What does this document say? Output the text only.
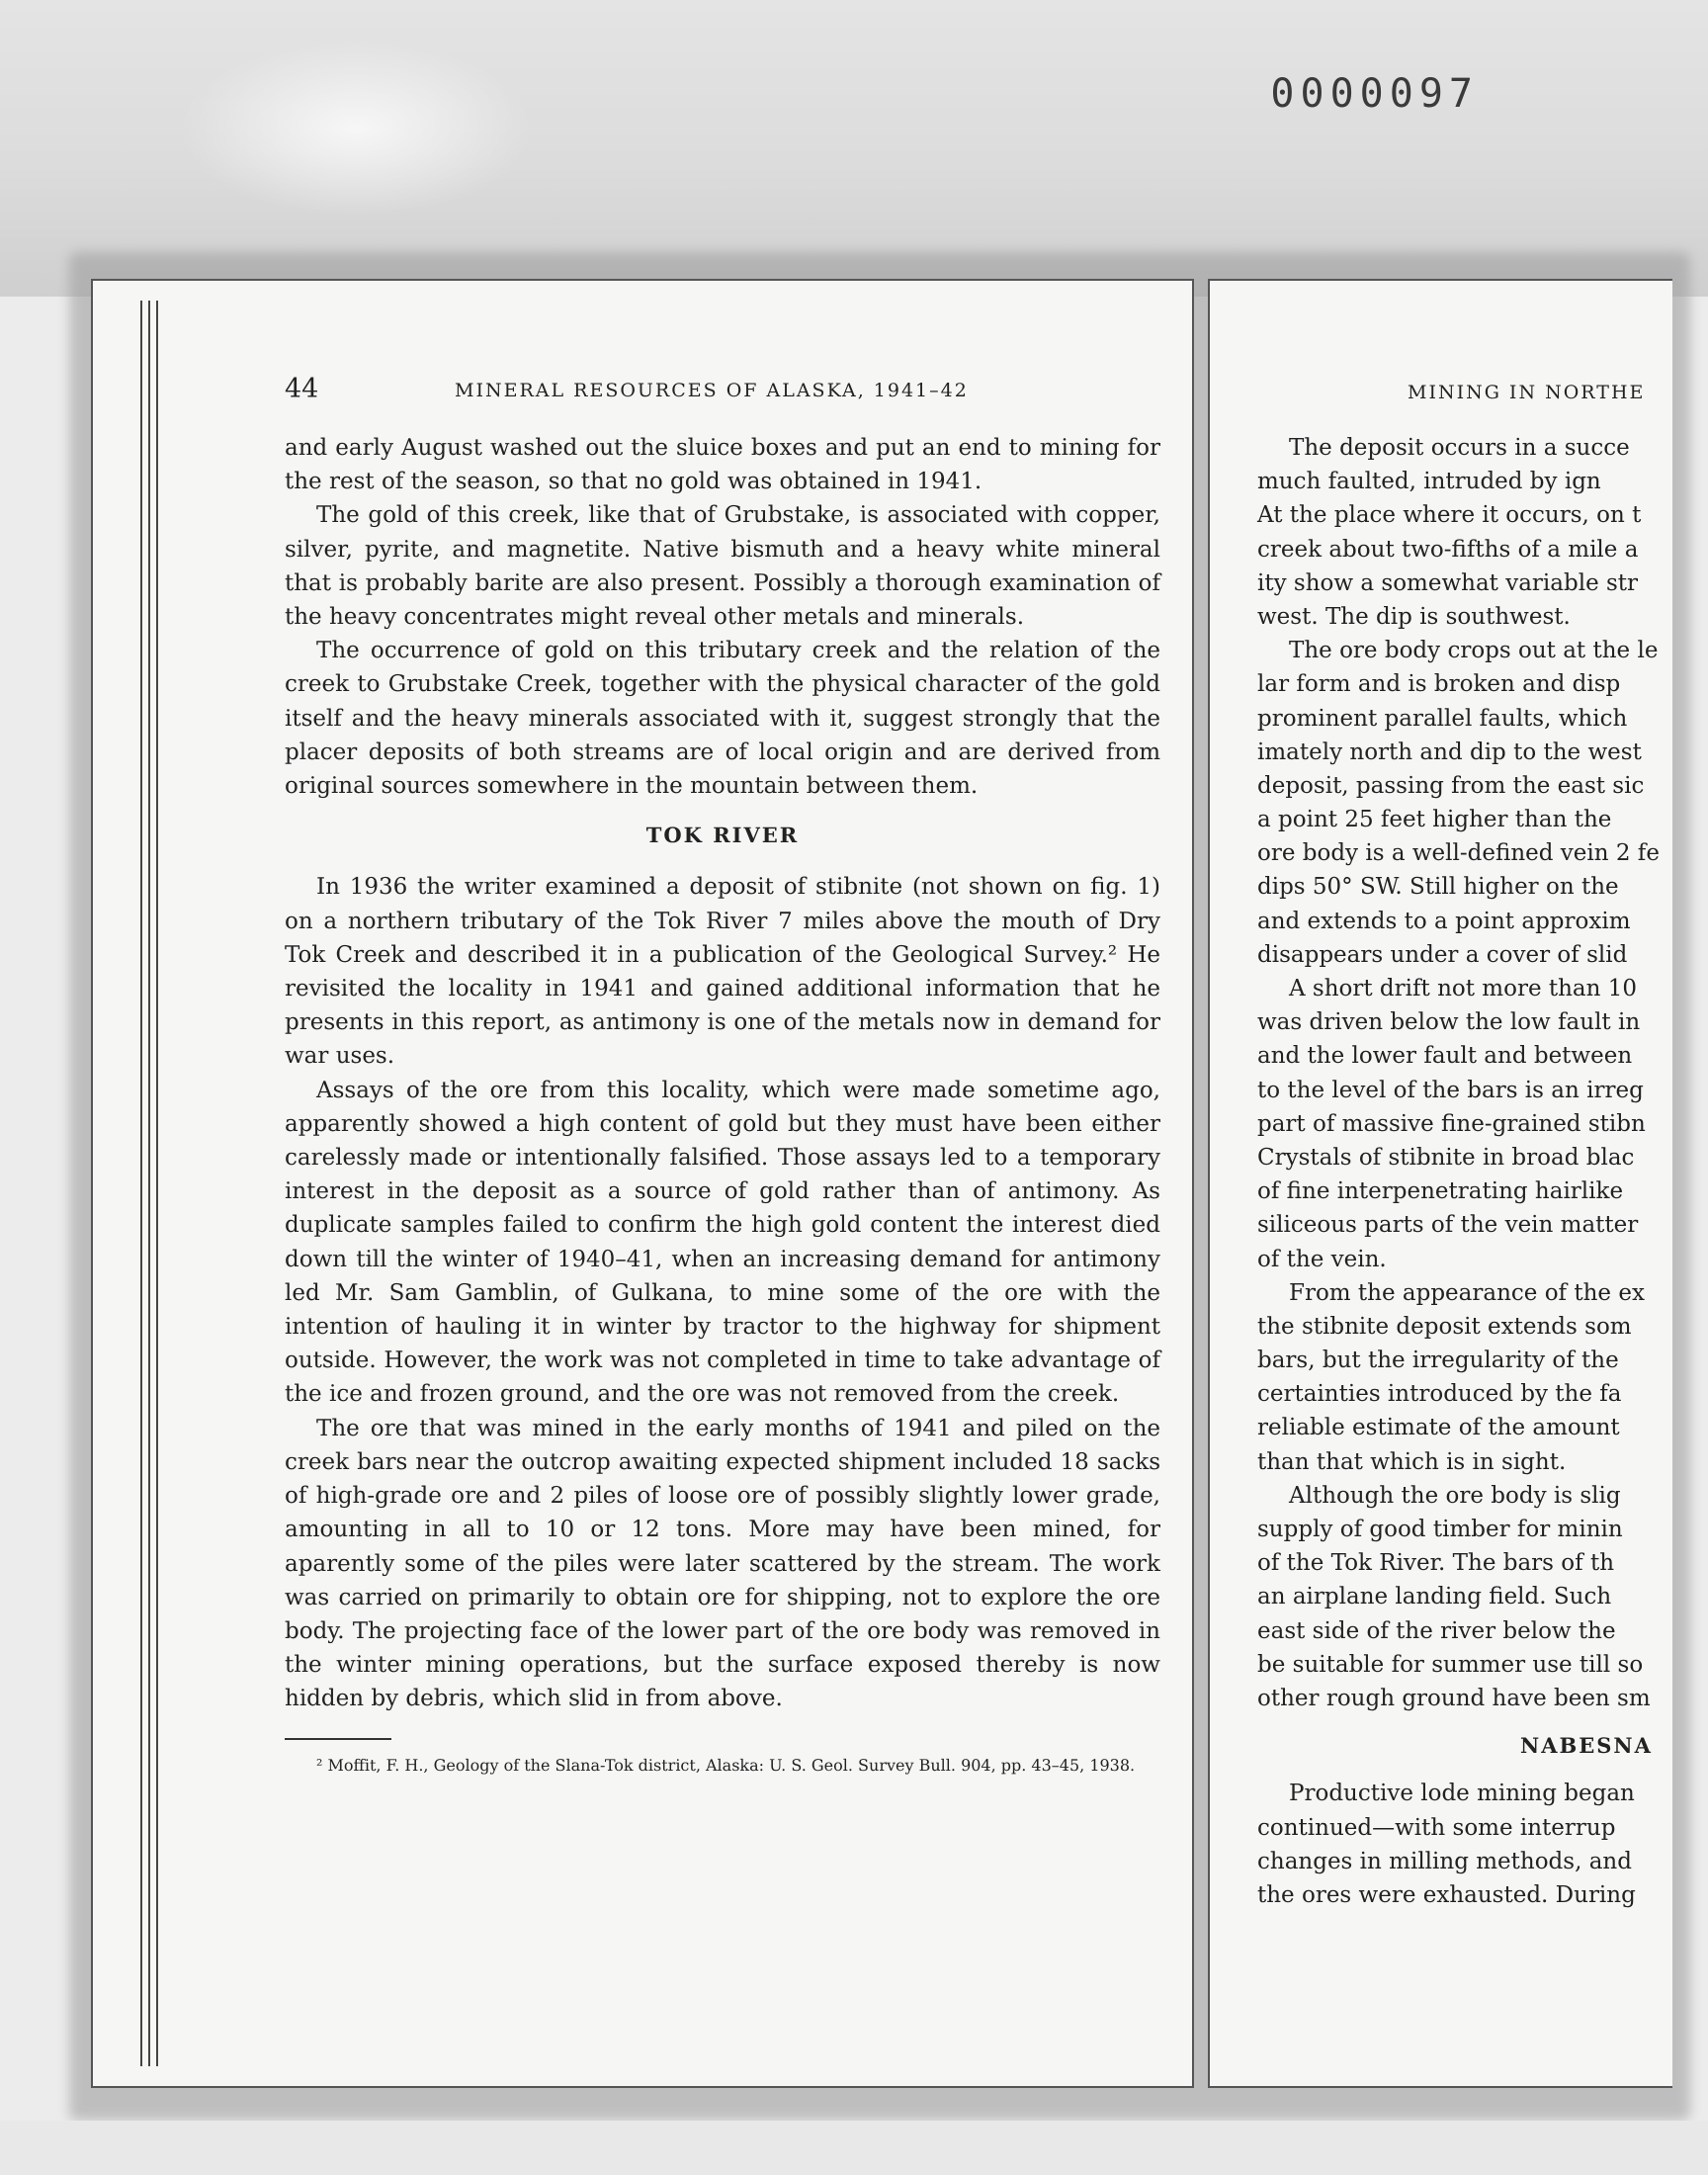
0000097
44	MINERAL RESOURCES OF ALASKA, 1941–42

and early August washed out the sluice boxes and put an end to mining for the rest of the season, so that no gold was obtained in 1941.

The gold of this creek, like that of Grubstake, is associated with copper, silver, pyrite, and magnetite. Native bismuth and a heavy white mineral that is probably barite are also present. Possibly a thorough examination of the heavy concentrates might reveal other metals and minerals.

The occurrence of gold on this tributary creek and the relation of the creek to Grubstake Creek, together with the physical character of the gold itself and the heavy minerals associated with it, suggest strongly that the placer deposits of both streams are of local origin and are derived from original sources somewhere in the mountain between them.

TOK RIVER

In 1936 the writer examined a deposit of stibnite (not shown on fig. 1) on a northern tributary of the Tok River 7 miles above the mouth of Dry Tok Creek and described it in a publication of the Geological Survey.² He revisited the locality in 1941 and gained additional information that he presents in this report, as antimony is one of the metals now in demand for war uses.

Assays of the ore from this locality, which were made sometime ago, apparently showed a high content of gold but they must have been either carelessly made or intentionally falsified. Those assays led to a temporary interest in the deposit as a source of gold rather than of antimony. As duplicate samples failed to confirm the high gold content the interest died down till the winter of 1940–41, when an increasing demand for antimony led Mr. Sam Gamblin, of Gulkana, to mine some of the ore with the intention of hauling it in winter by tractor to the highway for shipment outside. However, the work was not completed in time to take advantage of the ice and frozen ground, and the ore was not removed from the creek.

The ore that was mined in the early months of 1941 and piled on the creek bars near the outcrop awaiting expected shipment included 18 sacks of high-grade ore and 2 piles of loose ore of possibly slightly lower grade, amounting in all to 10 or 12 tons. More may have been mined, for aparently some of the piles were later scattered by the stream. The work was carried on primarily to obtain ore for shipping, not to explore the ore body. The projecting face of the lower part of the ore body was removed in the winter mining operations, but the surface exposed thereby is now hidden by debris, which slid in from above.

² Moffit, F. H., Geology of the Slana-Tok district, Alaska: U. S. Geol. Survey Bull. 904, pp. 43–45, 1938.
MINING IN NORTHE
The deposit occurs in a succe
much faulted, intruded by ign
At the place where it occurs, on t
creek about two-fifths of a mile a
ity show a somewhat variable str
west. The dip is southwest.
The ore body crops out at the le
lar form and is broken and disp
prominent parallel faults, which
imately north and dip to the west
deposit, passing from the east sic
a point 25 feet higher than the
ore body is a well-defined vein 2 fe
dips 50° SW. Still higher on the
and extends to a point approxim
disappears under a cover of slid
A short drift not more than 10
was driven below the low fault in
and the lower fault and between
to the level of the bars is an irreg
part of massive fine-grained stibn
Crystals of stibnite in broad blac
of fine interpenetrating hairlike
siliceous parts of the vein matter
of the vein.
From the appearance of the ex
the stibnite deposit extends som
bars, but the irregularity of the
certainties introduced by the fa
reliable estimate of the amount
than that which is in sight.
Although the ore body is slig
supply of good timber for minin
of the Tok River. The bars of th
an airplane landing field. Such
east side of the river below the
be suitable for summer use till so
other rough ground have been sm
NABESNA
Productive lode mining began
continued—with some interrup
changes in milling methods, and
the ores were exhausted. During
